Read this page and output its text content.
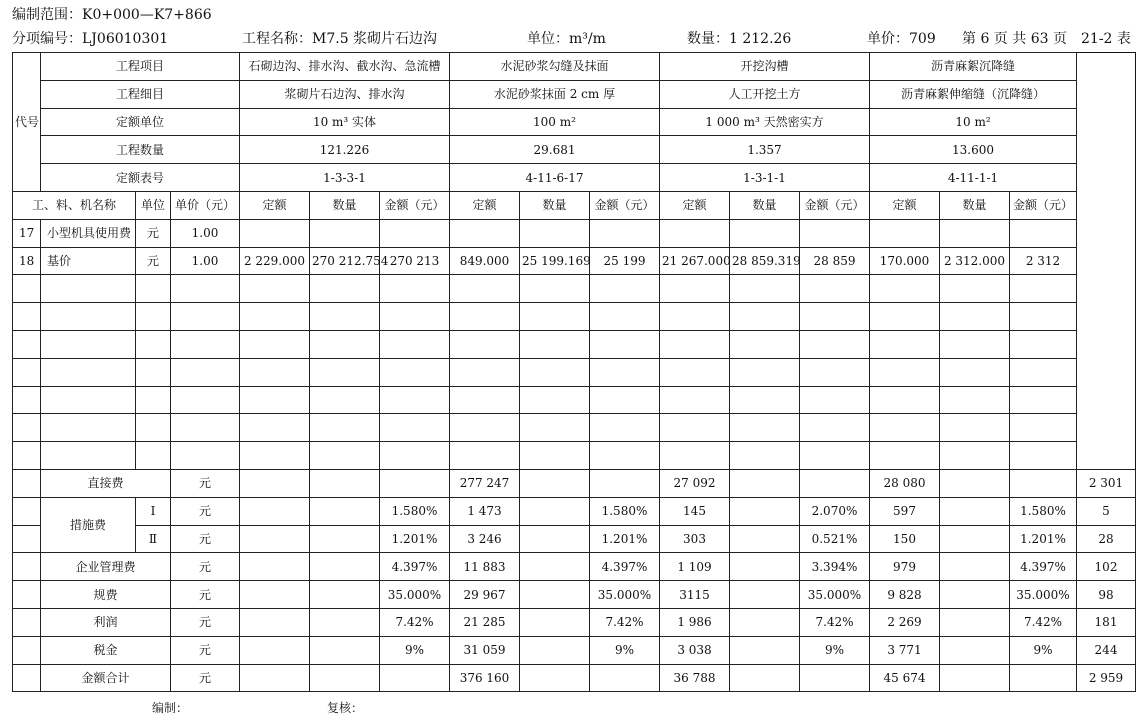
编制范围：K0+000—K7+866
分项编号：LJ06010301	工程名称：M7.5 浆砌片石边沟	单位：m³/m	数量：1 212.26	单价：709 第 6 页 共 63 页 21-2 表
代号	工程项目			石砌边沟、排水沟、截水沟、急流槽			水泥砂浆勾缝及抹面			开挖沟槽			沥青麻絮沉降缝			
	工程细目			浆砌片石边沟、排水沟			水泥砂浆抹面 2 cm 厚			人工开挖土方			沥青麻絮伸缩缝（沉降缝）			
	定额单位			10 m³ 实体			100 m²			1 000 m³ 天然密实方			10 m²			
	工程数量			121.226			29.681			1.357			13.600			
	定额表号			1-3-3-1			4-11-6-17			1-3-1-1			4-11-1-1			
工、料、机名称		单位	单价（元）	定额	数量	金额（元）	定额	数量	金额（元）	定额	数量	金额（元）	定额	数量	金额（元）	
17	小型机具使用费	元	1.00													
18	基价	元	1.00	2 229.000	270 212.754	270 213	849.000	25 199.169	25 199	21 267.000	28 859.319	28 859	170.000	2 312.000	2 312	

	直接费		元				277 247			27 092			28 080			2 301
	措施费	Ⅰ	元			1.580%	1 473		1.580%	145		2.070%	597		1.580%	5
		Ⅱ	元			1.201%	3 246		1.201%	303		0.521%	150		1.201%	28
	企业管理费		元			4.397%	11 883		4.397%	1 109		3.394%	979		4.397%	102
	规费		元			35.000%	29 967		35.000%	3115		35.000%	9 828		35.000%	98
	利润		元			7.42%	21 285		7.42%	1 986		7.42%	2 269		7.42%	181
	税金		元			9%	31 059		9%	3 038		9%	3 771		9%	244
	金额合计		元				376 160			36 788			45 674			2 959
编制：	复核：
